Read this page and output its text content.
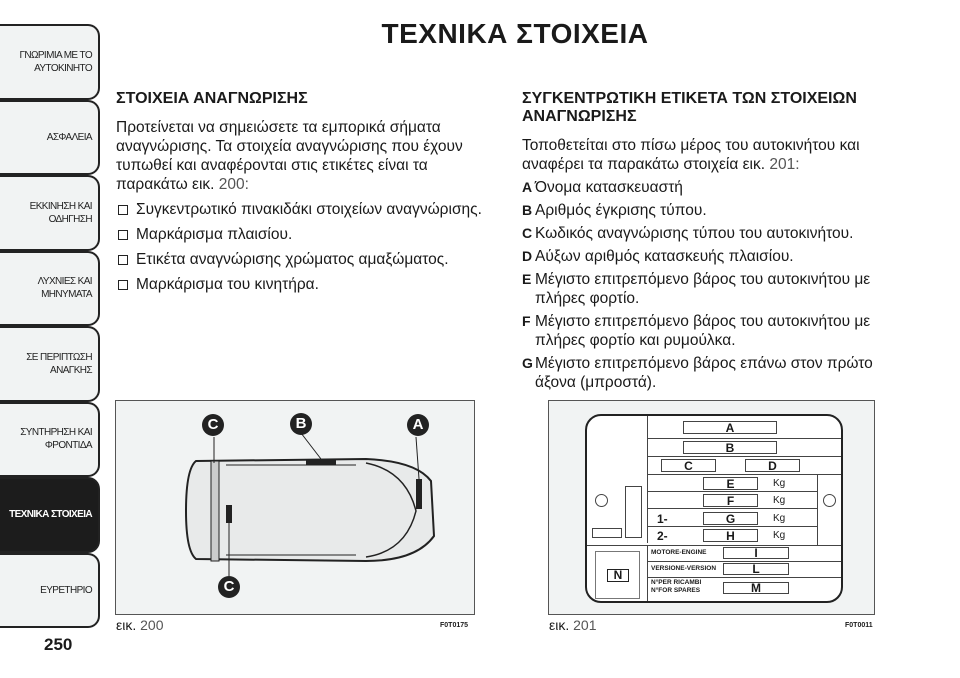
ΓΝΩΡΙΜΙΑ ΜΕ ΤΟ ΑΥΤΟΚΙΝΗΤΟ
ΑΣΦΑΛΕΙΑ
ΕΚΚΙΝΗΣΗ ΚΑΙ ΟΔΗΓΗΣΗ
ΛΥΧΝΙΕΣ ΚΑΙ ΜΗΝΥΜΑΤΑ
ΣΕ ΠΕΡΙΠΤΩΣΗ ΑΝΑΓΚΗΣ
ΣΥΝΤΗΡΗΣΗ ΚΑΙ ΦΡΟΝΤΙΔΑ
ΤΕΧΝΙΚΑ ΣΤΟΙΧΕΙΑ
ΕΥΡΕΤΗΡΙΟ
250
ΤΕΧΝΙΚΑ ΣΤΟΙΧΕΙΑ
ΣΤΟΙΧΕΙΑ ΑΝΑΓΝΩΡΙΣΗΣ

Προτείνεται να σημειώσετε τα εμπορικά σήματα αναγνώρισης. Τα στοιχεία αναγνώρισης που έχουν τυπωθεί και αναφέρονται στις ετικέτες είναι τα παρακάτω εικ. 200:

Συγκεντρωτικό πινακιδάκι στοιχείων αναγνώρισης.
Μαρκάρισμα πλαισίου.
Ετικέτα αναγνώρισης χρώματος αμαξώματος.
Μαρκάρισμα του κινητήρα.
ΣΥΓΚΕΝΤΡΩΤΙΚΗ ΕΤΙΚΕΤΑ ΤΩΝ ΣΤΟΙΧΕΙΩΝ ΑΝΑΓΝΩΡΙΣΗΣ

Τοποθετείται στο πίσω μέρος του αυτοκινήτου και αναφέρει τα παρακάτω στοιχεία εικ. 201:

A Όνομα κατασκευαστή
B Αριθμός έγκρισης τύπου.
C Κωδικός αναγνώρισης τύπου του αυτοκινήτου.
D Αύξων αριθμός κατασκευής πλαισίου.
E Μέγιστο επιτρεπόμενο βάρος του αυτοκινήτου με πλήρες φορτίο.
F Μέγιστο επιτρεπόμενο βάρος του αυτοκινήτου με πλήρες φορτίο και ρυμούλκα.
G Μέγιστο επιτρεπόμενο βάρος επάνω στον πρώτο άξονα (μπροστά).
C	B	A
C
εικ. 200	F0T0175
A
B
C	D
E
F
G
H
Kg
Kg
Kg
Kg
1-
2-
MOTORE-ENGINE
VERSIONE-VERSION
N°PER RICAMBI
N°FOR SPARES
I
L
M
N
εικ. 201	F0T0011
